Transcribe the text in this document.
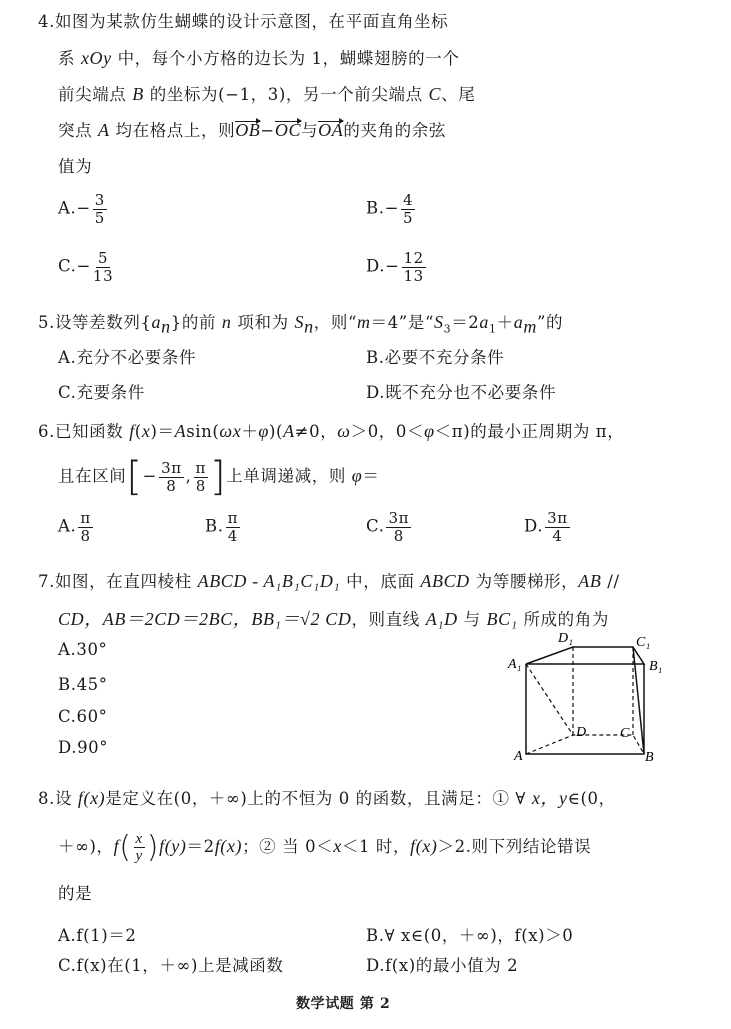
4.如图为某款仿生蝴蝶的设计示意图，在平面直角坐标
系 xOy 中，每个小方格的边长为 1，蝴蝶翅膀的一个
前尖端点 B 的坐标为(−1，3)，另一个前尖端点 C、尾
突点 A 均在格点上，则OB−OC与OA的夹角的余弦
值为
$A.- \frac{3}{5}$	$B.- \frac{4}{5}$
$C.- \frac{5}{13}$	$D.- \frac{12}{13}$
5.设等差数列$\{a_n\}$的前 n 项和为 $S_n$，则“m＝4”是“$S_3=2a_1+a_m$”的
A.充分不必要条件	B.必要不充分条件
C.充要条件	D.既不充分也不必要条件
6.已知函数 f(x)＝Asin(ωx＋φ)(A≠0，ω＞0，0＜φ＜π)的最小正周期为 π，
且在区间[− $\frac{3\pi}{8}$ , $\frac{\pi}{8}$ ]上单调递减，则 φ＝
A. $\frac{\pi}{8}$	B. $\frac{\pi}{4}$	C. $\frac{3\pi}{8}$	D. $\frac{3\pi}{4}$
7.如图，在直四棱柱 ABCD - A₁B₁C₁D₁ 中，底面 ABCD 为等腰梯形，AB //
CD，AB＝2CD＝2BC，BB₁＝√2 CD，则直线 A₁D 与 BC₁ 所成的角为
A.30°
B.45°
C.60°
D.90°	A	B
C
D
A₁	B₁
C₁
D₁
8.设 f(x)是定义在(0，＋∞)上的不恒为 0 的函数，且满足：① ∀ x，y∈(0，
＋∞)，$f( \frac{x}{y} )f(y)=2f(x)$；② 当 0＜x＜1 时，f(x)＞2.则下列结论错误
的是
A.f(1)＝2	B.∀ x∈(0，＋∞)，f(x)＞0
C.f(x)在(1，＋∞)上是减函数	D.f(x)的最小值为 2
数学试题 第 2
